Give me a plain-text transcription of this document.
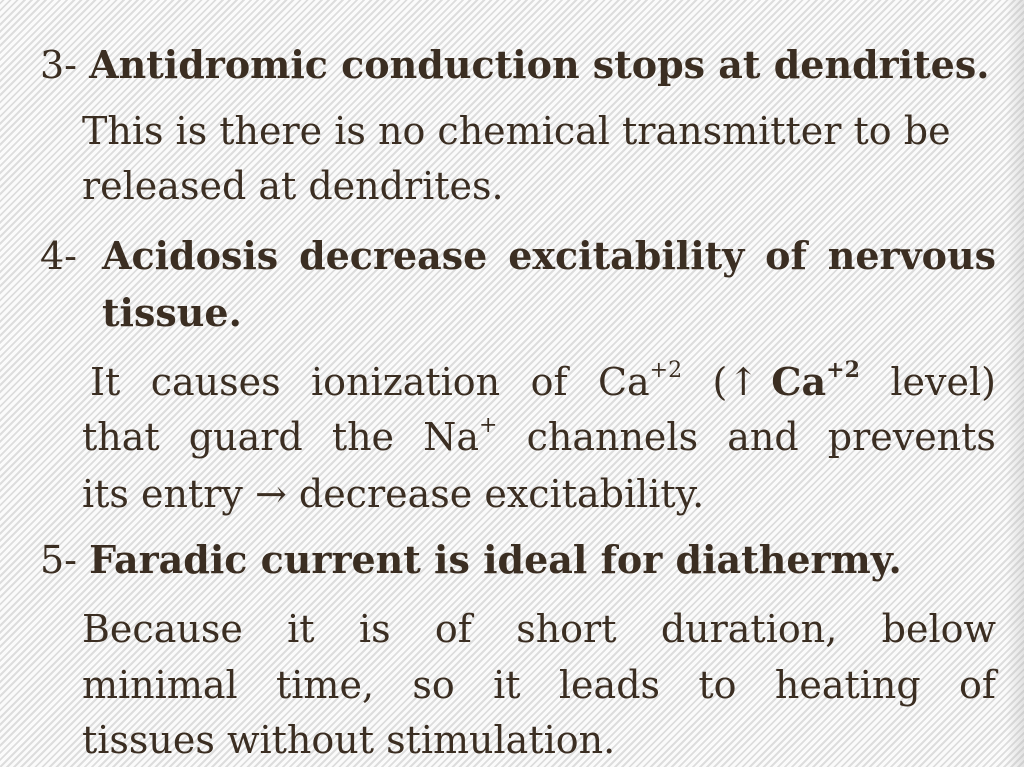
3- Antidromic conduction stops at dendrites.
This is there is no chemical transmitter to be
released at dendrites.
4- Acidosis decrease excitability of nervous
tissue.
It causes ionization of $Ca^{+2}$ (↑ $Ca^{+2}$ level)
that guard the Na+ channels and prevents
its entry → decrease excitability.
5- Faradic current is ideal for diathermy.
Because it is of short duration, below
minimal time, so it leads to heating of
tissues without stimulation.
